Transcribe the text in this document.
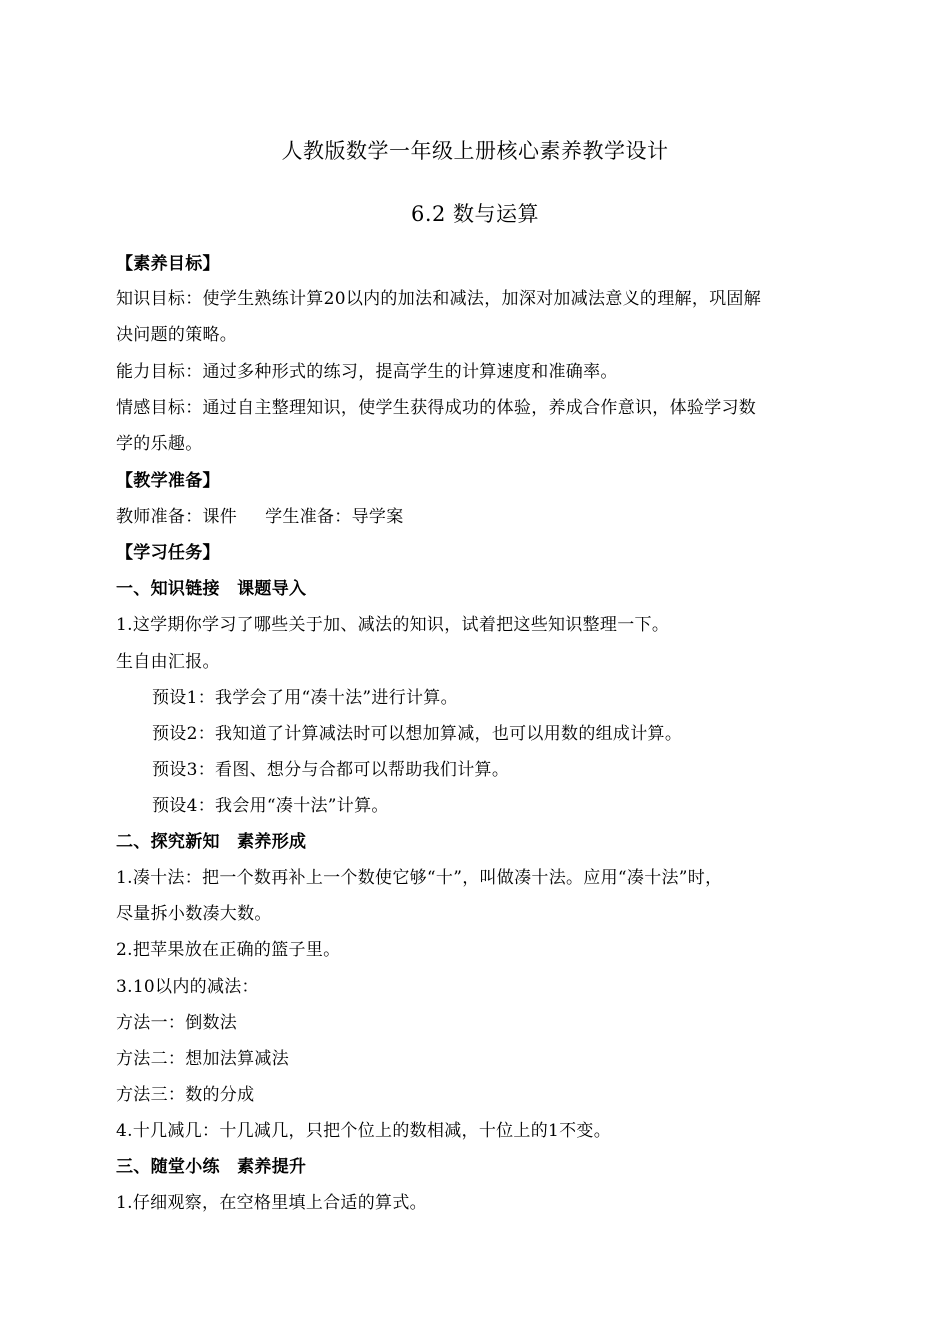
人教版数学一年级上册核心素养教学设计
6.2 数与运算
【素养目标】
知识目标：使学生熟练计算20以内的加法和减法，加深对加减法意义的理解，巩固解
决问题的策略。
能力目标：通过多种形式的练习，提高学生的计算速度和准确率。
情感目标：通过自主整理知识，使学生获得成功的体验，养成合作意识，体验学习数
学的乐趣。
【教学准备】
教师准备：课件 学生准备：导学案
【学习任务】
一、知识链接　课题导入
1.这学期你学习了哪些关于加、减法的知识，试着把这些知识整理一下。
生自由汇报。
预设1：我学会了用“凑十法”进行计算。
预设2：我知道了计算减法时可以想加算减，也可以用数的组成计算。
预设3：看图、想分与合都可以帮助我们计算。
预设4：我会用“凑十法”计算。
二、探究新知　素养形成
1.凑十法：把一个数再补上一个数使它够“十”，叫做凑十法。应用“凑十法”时，
尽量拆小数凑大数。
2.把苹果放在正确的篮子里。
3.10以内的减法：
方法一：倒数法
方法二：想加法算减法
方法三：数的分成
4.十几减几：十几减几，只把个位上的数相减，十位上的1不变。
三、随堂小练　素养提升
1.仔细观察，在空格里填上合适的算式。
